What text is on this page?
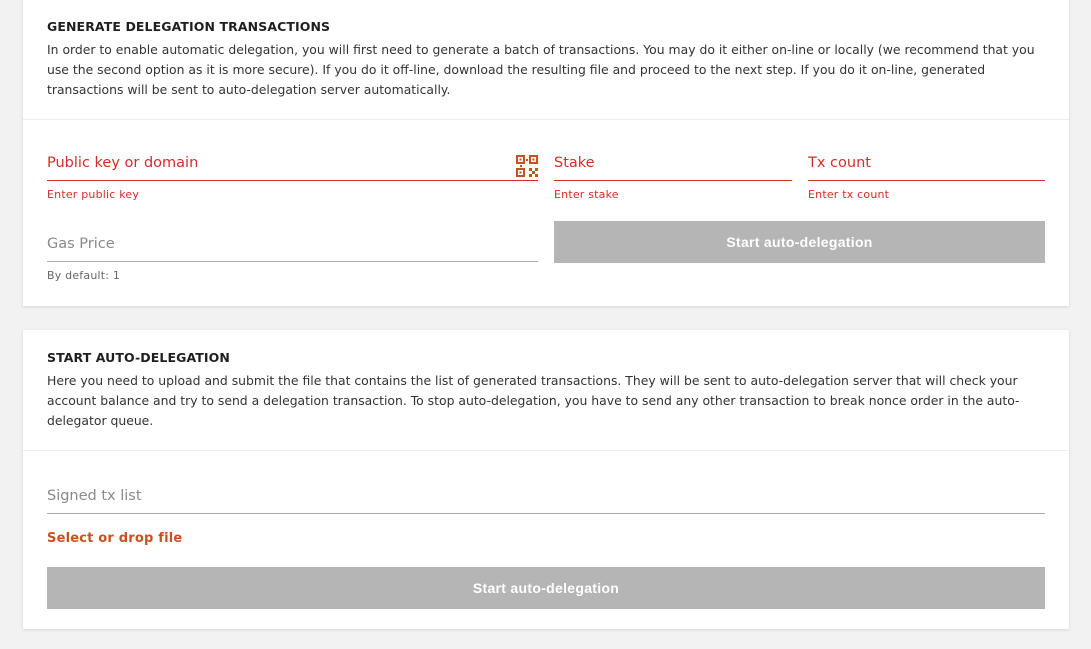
GENERATE DELEGATION TRANSACTIONS

In order to enable automatic delegation, you will first need to generate a batch of transactions. You may do it either on-line or locally (we recommend that you use the second option as it is more secure). If you do it off-line, download the resulting file and proceed to the next step. If you do it on-line, generated transactions will be sent to auto-delegation server automatically.

Public key or domain
Enter public key
Stake
Enter stake
Tx count
Enter tx count
Gas Price
By default: 1
Start auto-delegation
START AUTO-DELEGATION

Here you need to upload and submit the file that contains the list of generated transactions. They will be sent to auto-delegation server that will check your account balance and try to send a delegation transaction. To stop auto-delegation, you have to send any other transaction to break nonce order in the auto-delegator queue.

Signed tx list
Select or drop file
Start auto-delegation
